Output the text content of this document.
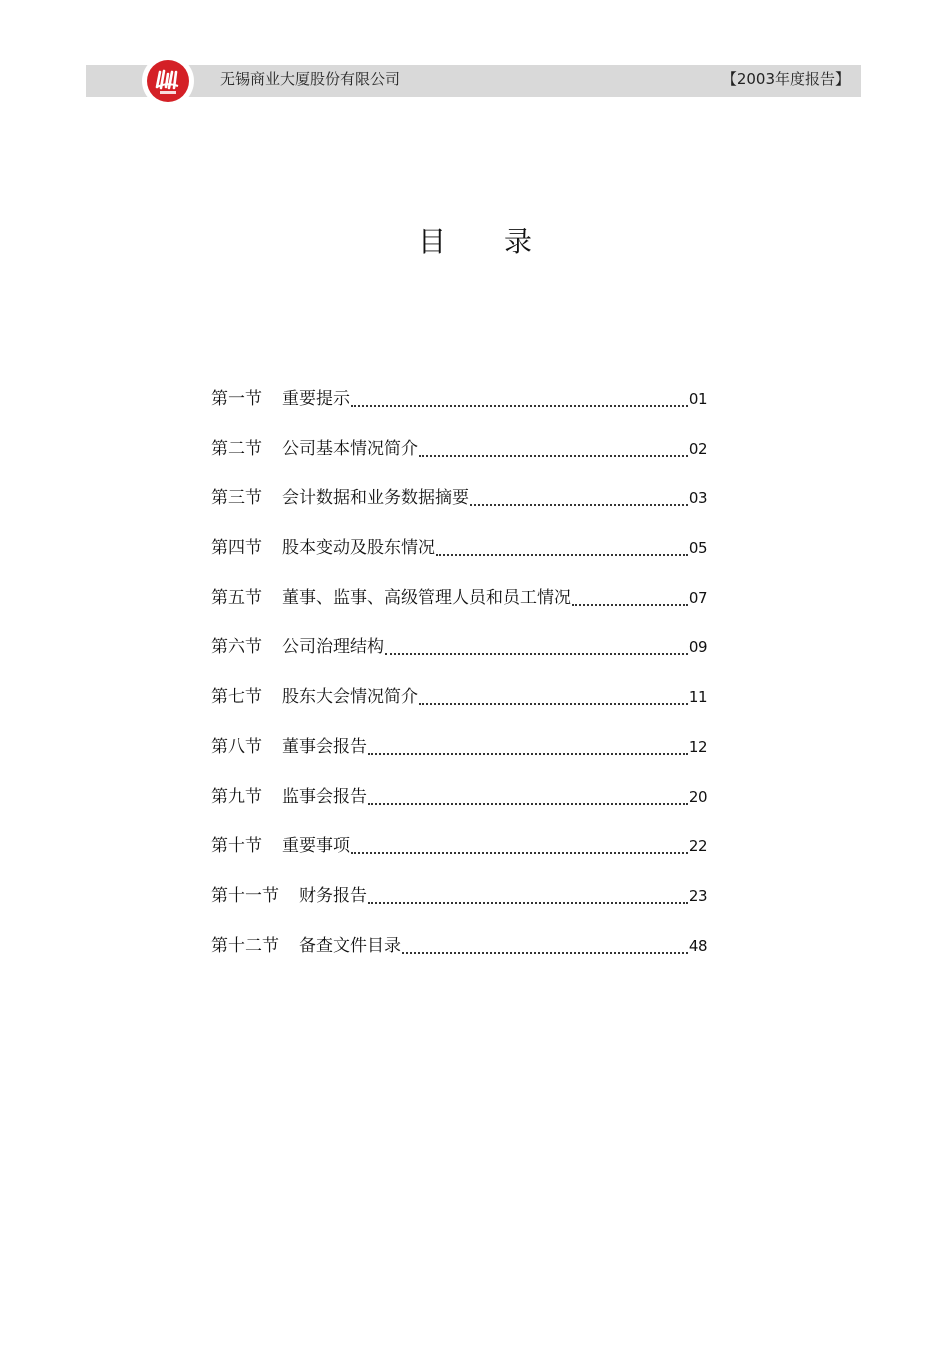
无锡商业大厦股份有限公司	【2003年度报告】
目录
第一节	重要提示	01
第二节	公司基本情况简介	02
第三节	会计数据和业务数据摘要	03
第四节	股本变动及股东情况	05
第五节	董事、监事、高级管理人员和员工情况	07
第六节	公司治理结构	09
第七节	股东大会情况简介	11
第八节	董事会报告	12
第九节	监事会报告	20
第十节	重要事项	22
第十一节	财务报告	23
第十二节	备查文件目录	48
